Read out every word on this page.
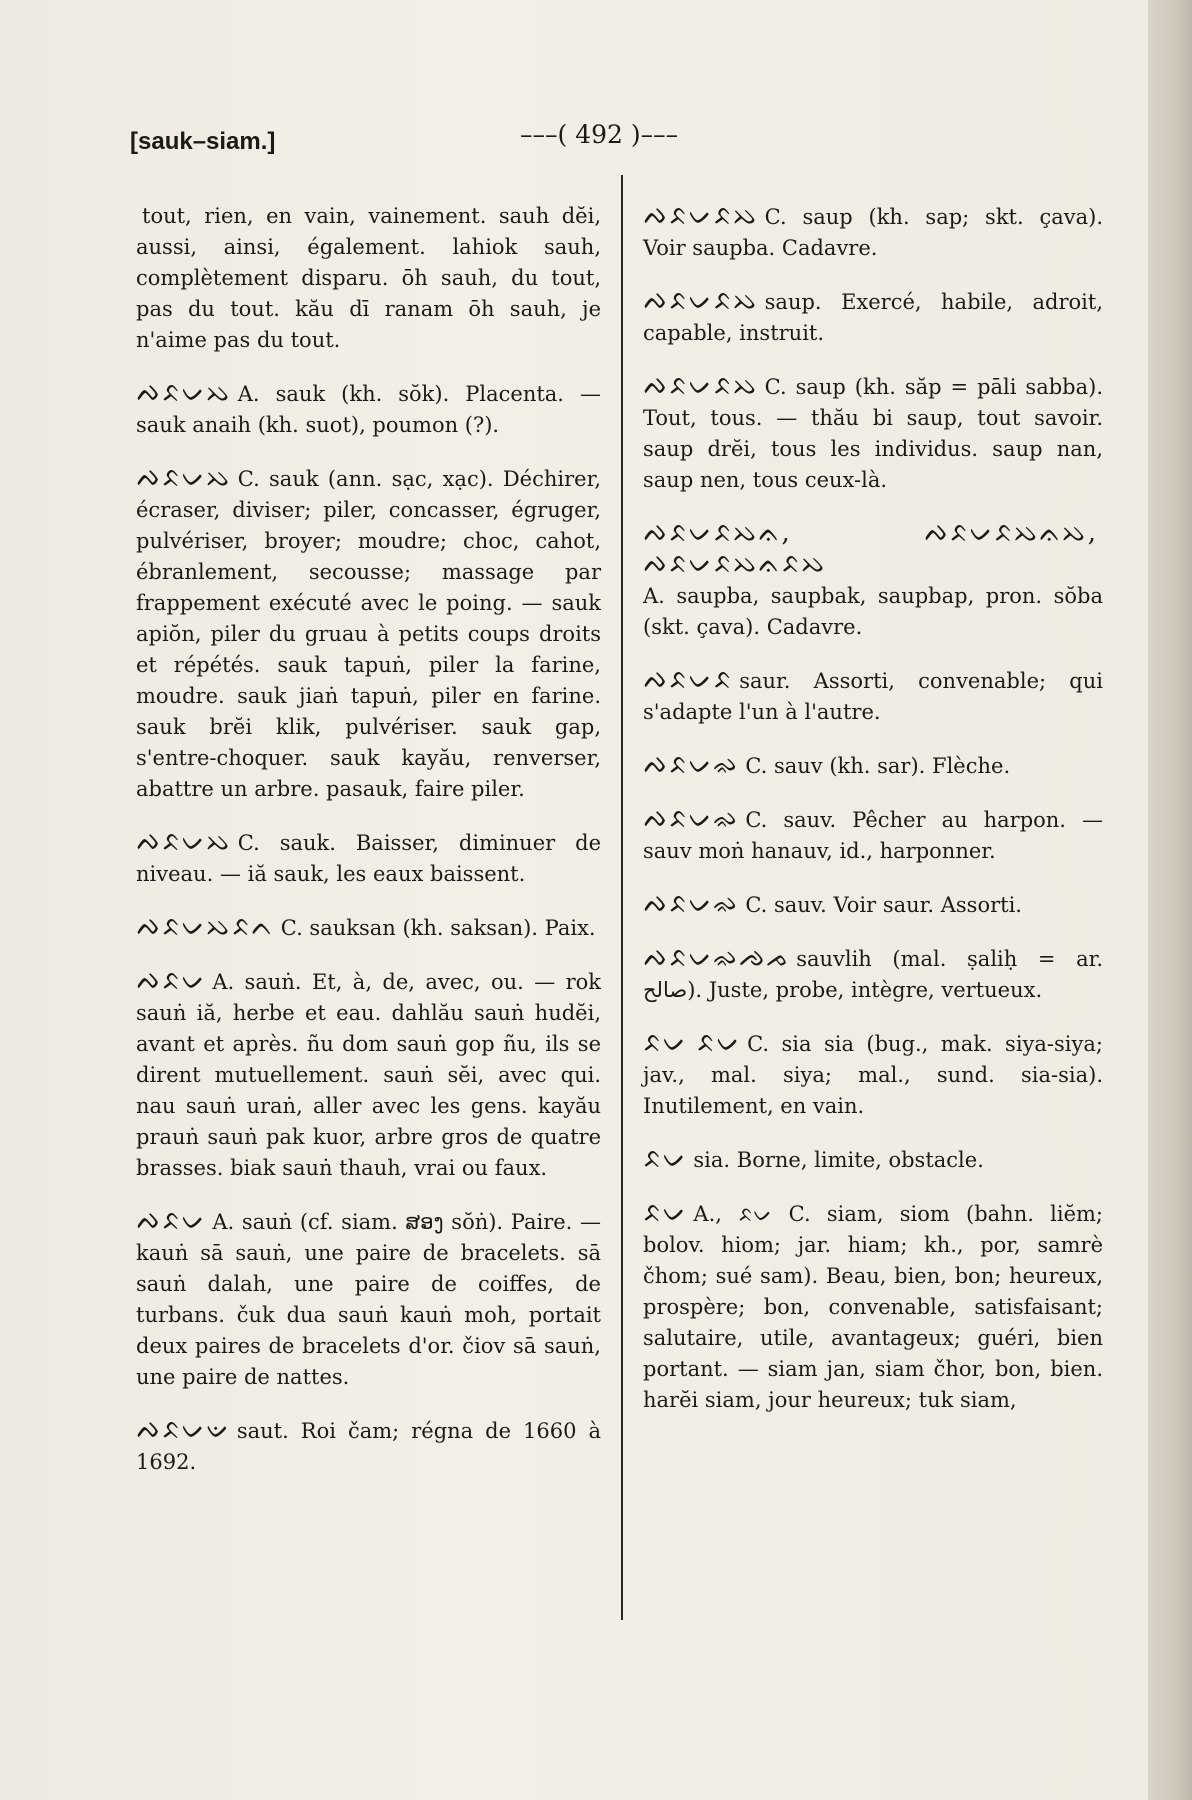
[sauk–siam.]	–––( 492 )–––

tout, rien, en vain, vainement. sauh dĕi, aussi, ainsi, également. lahiok sauh, complètement disparu. ōh sauh, du tout, pas du tout. kău dī ranam ōh sauh, je n'aime pas du tout.

ᨄᨅᨆᨇ A. sauk (kh. sŏk). Placenta. — sauk anaih (kh. suot), poumon (?).

ᨄᨅᨆᨇ C. sauk (ann. sạc, xạc). Déchirer, écraser, diviser; piler, concasser, égruger, pulvériser, broyer; moudre; choc, cahot, ébranlement, secousse; massage par frappement exécuté avec le poing. — sauk apiŏn, piler du gruau à petits coups droits et répétés. sauk tapuṅ, piler la farine, moudre. sauk jiaṅ tapuṅ, piler en farine. sauk brĕi klik, pulvériser. sauk gap, s'entre-choquer. sauk kayău, renverser, abattre un arbre. pasauk, faire piler.

ᨄᨅᨆᨇ C. sauk. Baisser, diminuer de niveau. — iă sauk, les eaux baissent.

ᨄᨅᨆᨇᨅᨈ C. sauksan (kh. saksan). Paix.

ᨄᨅᨆ A. sauṅ. Et, à, de, avec, ou. — rok sauṅ iă, herbe et eau. dahlău sauṅ hudĕi, avant et après. ñu dom sauṅ gop ñu, ils se dirent mutuellement. sauṅ sĕi, avec qui. nau sauṅ uraṅ, aller avec les gens. kayău prauṅ sauṅ pak kuor, arbre gros de quatre brasses. biak sauṅ thauh, vrai ou faux.

ᨄᨅᨆ A. sauṅ (cf. siam. ສອງ sŏṅ). Paire. — kauṅ sā sauṅ, une paire de bracelets. sā sauṅ dalah, une paire de coiffes, de turbans. čuk dua sauṅ kauṅ moh, portait deux paires de bracelets d'or. čiov sā sauṅ, une paire de nattes.

ᨄᨅᨆᨉ saut. Roi čam; régna de 1660 à 1692.

ᨄᨅᨆᨅᨇ C. saup (kh. sap; skt. çava). Voir saupba. Cadavre.

ᨄᨅᨆᨅᨇ saup. Exercé, habile, adroit, capable, instruit.

ᨄᨅᨆᨅᨇ C. saup (kh. săp = pāli sabba). Tout, tous. — thău bi saup, tout savoir. saup drĕi, tous les individus. saup nan, saup nen, tous ceux-là.

ᨄᨅᨆᨅᨇᨊ, ᨄᨅᨆᨅᨇᨊᨇ, ᨄᨅᨆᨅᨇᨊᨅᨇA. saupba, saupbak, saupbap, pron. sŏba (skt. çava). Cadavre.

ᨄᨅᨆᨅ saur. Assorti, convenable; qui s'adapte l'un à l'autre.

ᨄᨅᨆᨋ C. sauv (kh. sar). Flèche.

ᨄᨅᨆᨋ C. sauv. Pêcher au harpon. — sauv moṅ hanauv, id., harponner.

ᨄᨅᨆᨋ C. sauv. Voir saur. Assorti.

ᨄᨅᨆᨋᨌᨍ sauvlih (mal. ṣaliḥ = ar. صالح). Juste, probe, intègre, vertueux.

ᨅᨆ ᨅᨆ C. sia sia (bug., mak. siya-siya; jav., mal. siya; mal., sund. sia-sia). Inutilement, en vain.

ᨅᨆ sia. Borne, limite, obstacle.

ᨅᨆ A., ᨅᨆ C. siam, siom (bahn. liĕm; bolov. hiom; jar. hiam; kh., por, samrè čhom; sué sam). Beau, bien, bon; heureux, prospère; bon, convenable, satisfaisant; salutaire, utile, avantageux; guéri, bien portant. — siam jan, siam čhor, bon, bien. harĕi siam, jour heureux; tuk siam,
